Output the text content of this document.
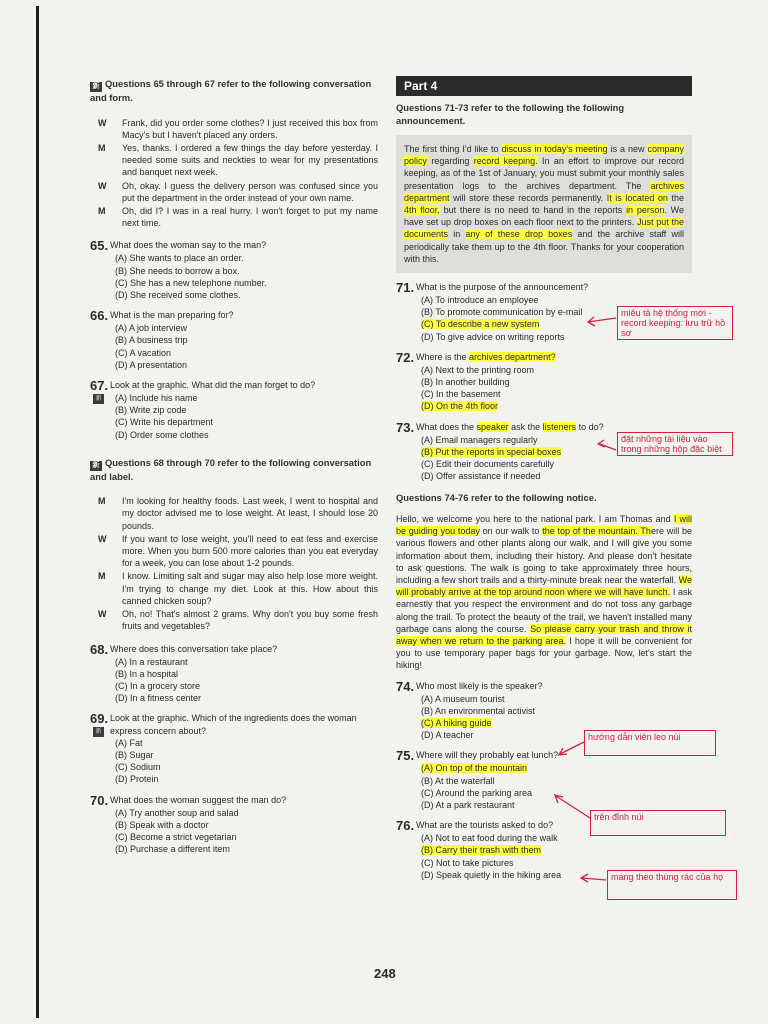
新 Questions 65 through 67 refer to the following conversation and form.
W	Frank, did you order some clothes? I just received this box from Macy's but I haven't placed any orders.
M	Yes, thanks. I ordered a few things the day before yesterday. I needed some suits and neckties to wear for my presentations and banquet next week.
W	Oh, okay. I guess the delivery person was confused since you put the department in the order instead of your own name.
M	Oh, did I? I was in a real hurry. I won't forget to put my name next time.
65. What does the woman say to the man?
(A) She wants to place an order.
(B) She needs to borrow a box.
(C) She has a new telephone number.
(D) She received some clothes.
66. What is the man preparing for?
(A) A job interview
(B) A business trip
(C) A vacation
(D) A presentation
67. Look at the graphic. What did the man forget to do?
新 (A) Include his name
(B) Write zip code
(C) Write his department
(D) Order some clothes
新 Questions 68 through 70 refer to the following conversation and label.
M	I'm looking for healthy foods. Last week, I went to hospital and my doctor advised me to lose weight. At least, I should lose 20 pounds.
W	If you want to lose weight, you'll need to eat less and exercise more. When you burn 500 more calories than you eat everyday for a week, you can lose about 1-2 pounds.
M	I know. Limiting salt and sugar may also help lose more weight. I'm trying to change my diet. Look at this. How about this canned chicken soup?
W	Oh, no! That's almost 2 grams. Why don't you buy some fresh fruits and vegetables?
68. Where does this conversation take place?
(A) In a restaurant
(B) In a hospital
(C) In a grocery store
(D) In a fitness center
69. Look at the graphic. Which of the ingredients does the woman express concern about?
新
(A) Fat
(B) Sugar
(C) Sodium
(D) Protein
70. What does the woman suggest the man do?
(A) Try another soup and salad
(B) Speak with a doctor
(C) Become a strict vegetarian
(D) Purchase a different item
Part 4
Questions 71-73 refer to the following the following announcement.
The first thing I'd like to discuss in today's meeting is a new company policy regarding record keeping. In an effort to improve our record keeping, as of the 1st of January, you must submit your monthly sales presentation logs to the archives department. The archives department will store these records permanently. It is located on the 4th floor, but there is no need to hand in the reports in person. We have set up drop boxes on each floor next to the printers. Just put the documents in any of these drop boxes and the archive staff will periodically take them up to the 4th floor. Thanks for your cooperation with this.
71. What is the purpose of the announcement?
(A) To introduce an employee
(B) To promote communication by e-mail
(C) To describe a new system
(D) To give advice on writing reports
72. Where is the archives department?
(A) Next to the printing room
(B) In another building
(C) In the basement
(D) On the 4th floor
73. What does the speaker ask the listeners to do?
(A) Email managers regularly
(B) Put the reports in special boxes
(C) Edit their documents carefully
(D) Offer assistance if needed
Questions 74-76 refer to the following notice.
Hello, we welcome you here to the national park. I am Thomas and I will be guiding you today on our walk to the top of the mountain. There will be various flowers and other plants along our walk, and I will give you some information about them, including their history. And please don't hesitate to ask questions. The walk is going to take approximately three hours, including a few short trails and a thirty-minute break near the waterfall. We will probably arrive at the top around noon where we will have lunch. I ask earnestly that you respect the environment and do not toss any garbage along the trail. To protect the beauty of the trail, we haven't installed many garbage cans along the course. So please carry your trash and throw it away when we return to the parking area. I hope it will be convenient for you to use temporary paper bags for your garbage. Now, let's start the hiking!
74. Who most likely is the speaker?
(A) A museum tourist
(B) An environmental activist
(C) A hiking guide
(D) A teacher
75. Where will they probably eat lunch?
(A) On top of the mountain
(B) At the waterfall
(C) Around the parking area
(D) At a park restaurant
76. What are the tourists asked to do?
(A) Not to eat food during the walk
(B) Carry their trash with them
(C) Not to take pictures
(D) Speak quietly in the hiking area
miêu tả hệ thống mới - record keeping: lưu trữ hồ sơ
đặt những tài liệu vào trong những hộp đặc biệt
hướng dẫn viên leo núi
trên đỉnh núi
mang theo thùng rác của họ
248
